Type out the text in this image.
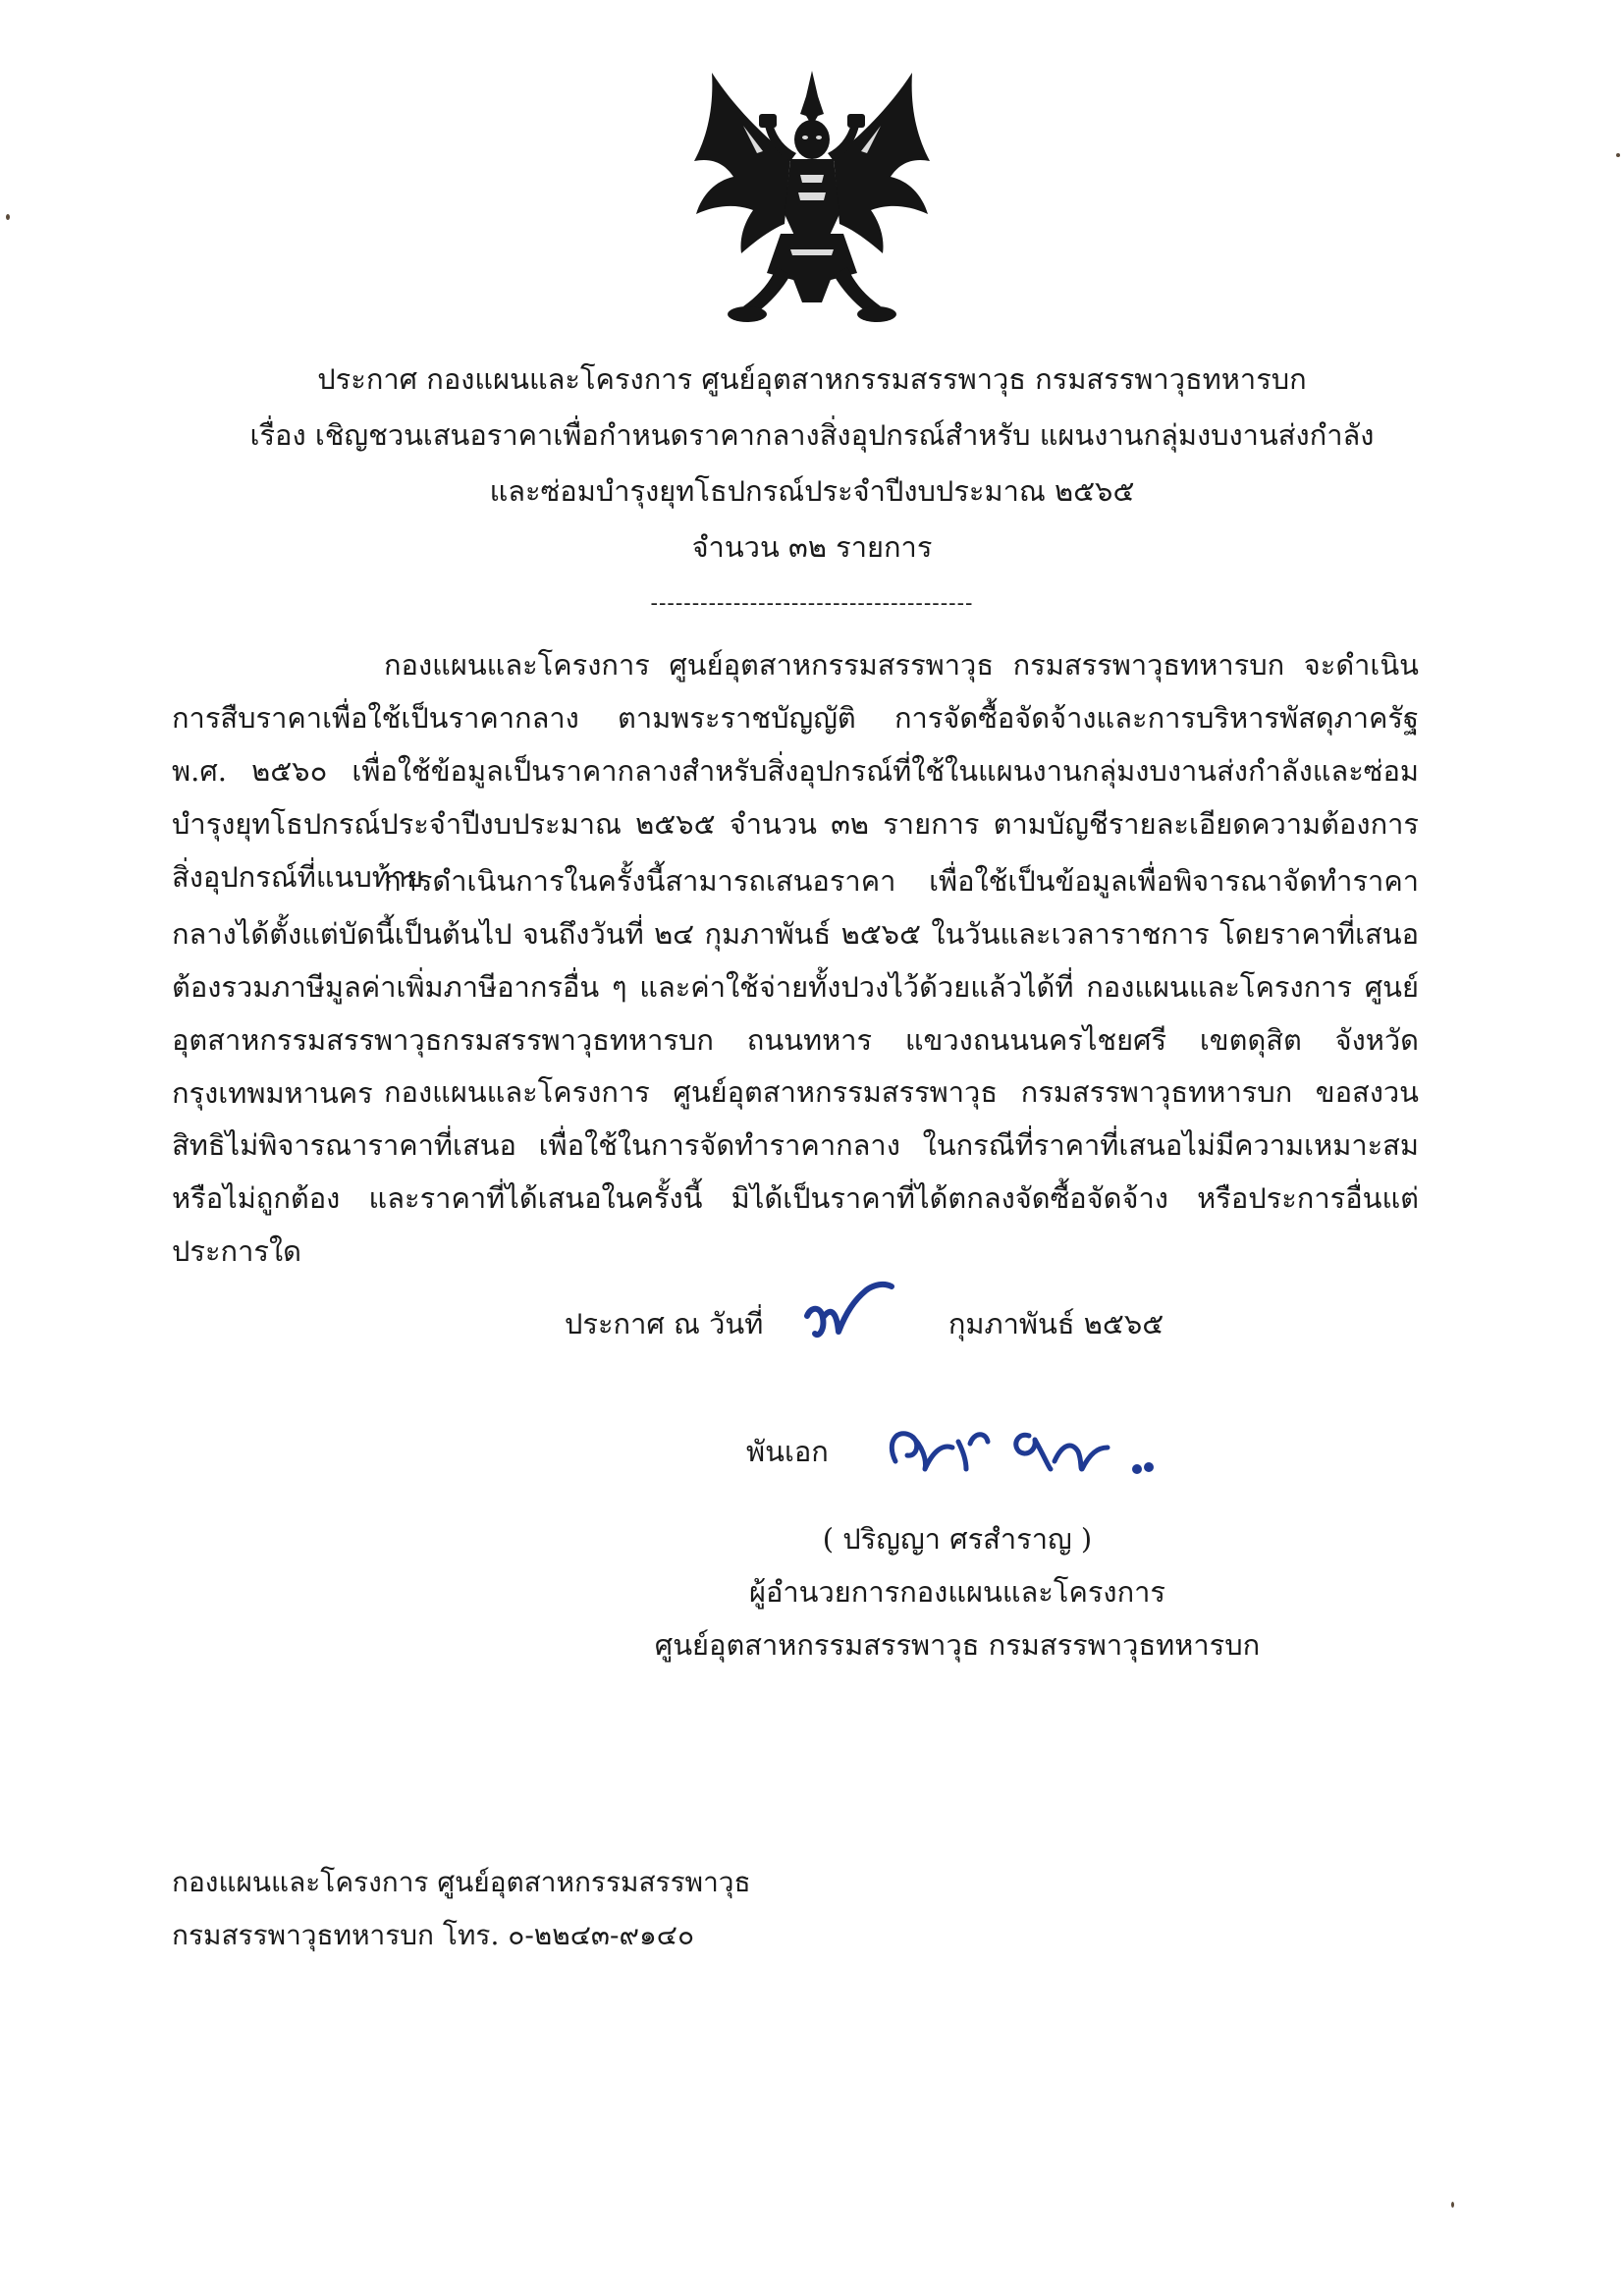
ประกาศ กองแผนและโครงการ ศูนย์อุตสาหกรรมสรรพาวุธ กรมสรรพาวุธทหารบก
เรื่อง เชิญชวนเสนอราคาเพื่อกำหนดราคากลางสิ่งอุปกรณ์สำหรับ แผนงานกลุ่มงบงานส่งกำลัง
และซ่อมบำรุงยุทโธปกรณ์ประจำปีงบประมาณ ๒๕๖๕
จำนวน ๓๒ รายการ
---------------------------------------

กองแผนและโครงการ ศูนย์อุตสาหกรรมสรรพาวุธ กรมสรรพาวุธทหารบก จะดำเนินการสืบราคาเพื่อใช้เป็นราคากลาง ตามพระราชบัญญัติ การจัดซื้อจัดจ้างและการบริหารพัสดุภาครัฐ พ.ศ. ๒๕๖๐ เพื่อใช้ข้อมูลเป็นราคากลางสำหรับสิ่งอุปกรณ์ที่ใช้ในแผนงานกลุ่มงบงานส่งกำลังและซ่อมบำรุงยุทโธปกรณ์ประจำปีงบประมาณ ๒๕๖๕ จำนวน ๓๒ รายการ ตามบัญชีรายละเอียดความต้องการสิ่งอุปกรณ์ที่แนบท้าย

การดำเนินการในครั้งนี้สามารถเสนอราคา เพื่อใช้เป็นข้อมูลเพื่อพิจารณาจัดทำราคากลางได้ตั้งแต่บัดนี้เป็นต้นไป จนถึงวันที่ ๒๔ กุมภาพันธ์ ๒๕๖๕ ในวันและเวลาราชการ โดยราคาที่เสนอต้องรวมภาษีมูลค่าเพิ่มภาษีอากรอื่น ๆ และค่าใช้จ่ายทั้งปวงไว้ด้วยแล้วได้ที่ กองแผนและโครงการ ศูนย์อุตสาหกรรมสรรพาวุธกรมสรรพาวุธทหารบก ถนนทหาร แขวงถนนนครไชยศรี เขตดุสิต จังหวัดกรุงเทพมหานคร กองแผนและโครงการ ศูนย์อุตสาหกรรมสรรพาวุธ กรมสรรพาวุธทหารบก ขอสงวนสิทธิไม่พิจารณาราคาที่เสนอ เพื่อใช้ในการจัดทำราคากลาง ในกรณีที่ราคาที่เสนอไม่มีความเหมาะสมหรือไม่ถูกต้อง และราคาที่ได้เสนอในครั้งนี้ มิได้เป็นราคาที่ได้ตกลงจัดซื้อจัดจ้าง หรือประการอื่นแต่ประการใด

ประกาศ ณ วันที่	กุมภาพันธ์ ๒๕๖๕
พันเอก
( ปริญญา ศรสำราญ )
ผู้อำนวยการกองแผนและโครงการ
ศูนย์อุตสาหกรรมสรรพาวุธ กรมสรรพาวุธทหารบก
กองแผนและโครงการ ศูนย์อุตสาหกรรมสรรพาวุธ
กรมสรรพาวุธทหารบก โทร. ๐-๒๒๔๓-๙๑๔๐
